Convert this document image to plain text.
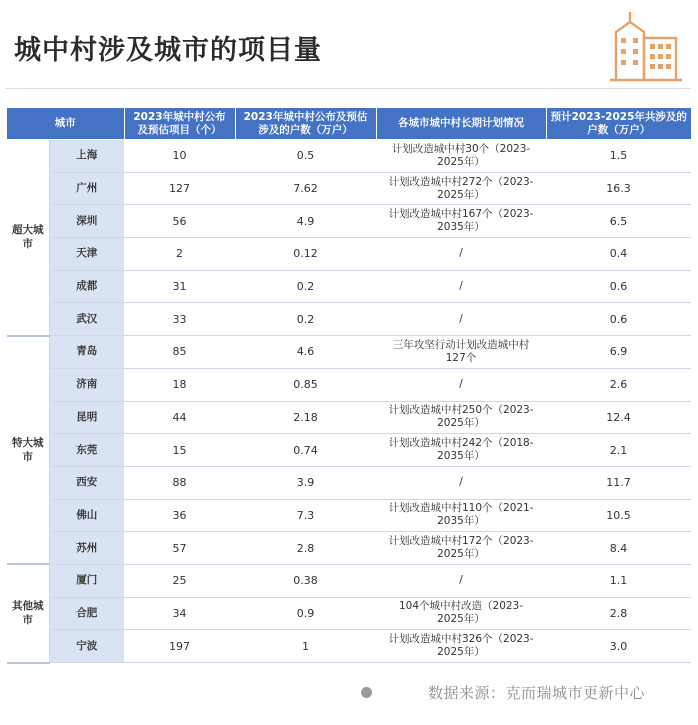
城中村涉及城市的项目量
城市		2023年城中村公布及预估项目（个）	2023年城中村公布及预估涉及的户数（万户）	各城市城中村长期计划情况	预计2023-2025年共涉及的户数（万户）
超大城市	上海	10	0.5	计划改造城中村30个（2023-2025年）	1.5
	广州	127	7.62	计划改造城中村272个（2023-2025年）	16.3
	深圳	56	4.9	计划改造城中村167个（2023-2035年）	6.5
	天津	2	0.12	/	0.4
	成都	31	0.2	/	0.6
	武汉	33	0.2	/	0.6
特大城市	青岛	85	4.6	三年攻坚行动计划改造城中村127个	6.9
	济南	18	0.85	/	2.6
	昆明	44	2.18	计划改造城中村250个（2023-2025年）	12.4
	东莞	15	0.74	计划改造城中村242个（2018-2035年）	2.1
	西安	88	3.9	/	11.7
	佛山	36	7.3	计划改造城中村110个（2021-2035年）	10.5
	苏州	57	2.8	计划改造城中村172个（2023-2025年）	8.4
其他城市	厦门	25	0.38	/	1.1
	合肥	34	0.9	104个城中村改造（2023-2025年）	2.8
	宁波	197	1	计划改造城中村326个（2023-2025年）	3.0
数据来源：克而瑞城市更新中心
